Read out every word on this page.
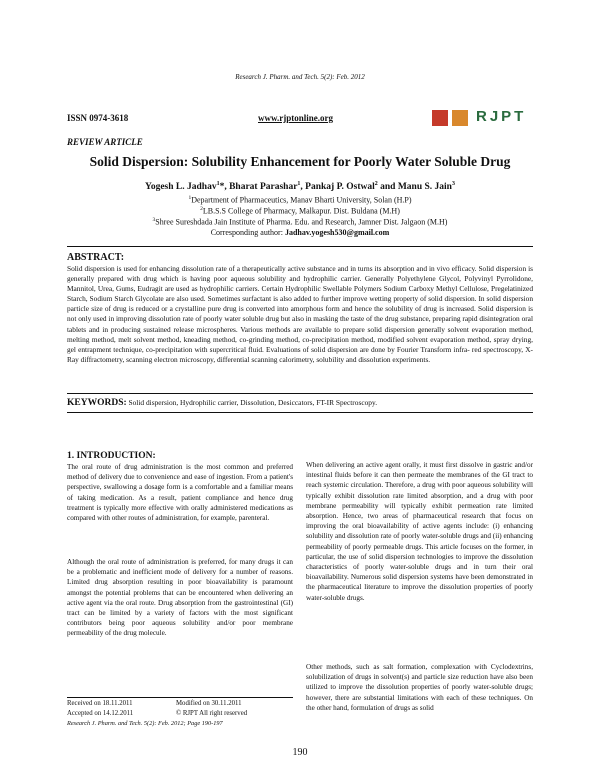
Research J. Pharm. and Tech. 5(2): Feb. 2012
ISSN 0974-3618	www.rjptonline.org	RJPT
REVIEW ARTICLE
Solid Dispersion: Solubility Enhancement for Poorly Water Soluble Drug
Yogesh L. Jadhav$^1$*, Bharat Parashar$^1$, Pankaj P. Ostwal$^2$ and Manu S. Jain$^3$
$^1$Department of Pharmaceutics, Manav Bharti University, Solan (H.P)
$^2$LB.S.S College of Pharmacy, Malkapur. Dist. Buldana (M.H)
$^3$Shree Sureshdada Jain Institute of Pharma. Edu. and Research, Jamner Dist. Jalgaon (M.H)
Corresponding author: Jadhav.yogesh530@gmail.com
ABSTRACT:
Solid dispersion is used for enhancing dissolution rate of a therapeutically active substance and in turns its absorption and in vivo efficacy. Solid dispersion is generally prepared with drug which is having poor aqueous solubility and hydrophilic carrier. Generally Polyethylene Glycol, Polyvinyl Pyrrolidone, Mannitol, Urea, Gums, Eudragit are used as hydrophilic carriers. Certain Hydrophilic Swellable Polymers Sodium Carboxy Methyl Cellulose, Pregelatinized Starch, Sodium Starch Glycolate are also used. Sometimes surfactant is also added to further improve wetting property of solid dispersion. In solid dispersion particle size of drug is reduced or a crystalline pure drug is converted into amorphous form and hence the solubility of drug is increased. Solid dispersion is not only used in improving dissolution rate of poorly water soluble drug but also in masking the taste of the drug substance, preparing rapid disintegration oral tablets and in producing sustained release microspheres. Various methods are available to prepare solid dispersion generally solvent evaporation method, melting method, melt solvent method, kneading method, co-grinding method, co-precipitation method, modified solvent evaporation method, spray drying, gel entrapment technique, co-precipitation with supercritical fluid. Evaluations of solid dispersion are done by Fourier Transform infra- red spectroscopy, X-Ray diffractometry, scanning electron microscopy, differential scanning calorimetry, solubility and dissolution experiments.
KEYWORDS: Solid dispersion, Hydrophilic carrier, Dissolution, Desiccators, FT-IR Spectroscopy.
1. INTRODUCTION:

The oral route of drug administration is the most common and preferred method of delivery due to convenience and ease of ingestion. From a patient's perspective, swallowing a dosage form is a comfortable and a familiar means of taking medication. As a result, patient compliance and hence drug treatment is typically more effective with orally administered medications as compared with other routes of administration, for example, parenteral.

Although the oral route of administration is preferred, for many drugs it can be a problematic and inefficient mode of delivery for a number of reasons. Limited drug absorption resulting in poor bioavailability is paramount amongst the potential problems that can be encountered when delivering an active agent via the oral route. Drug absorption from the gastrointestinal (GI) tract can be limited by a variety of factors with the most significant contributors being poor aqueous solubility and/or poor membrane permeability of the drug molecule.

When delivering an active agent orally, it must first dissolve in gastric and/or intestinal fluids before it can then permeate the membranes of the GI tract to reach systemic circulation. Therefore, a drug with poor aqueous solubility will typically exhibit dissolution rate limited absorption, and a drug with poor membrane permeability will typically exhibit permeation rate limited absorption. Hence, two areas of pharmaceutical research that focus on improving the oral bioavailability of active agents include: (i) enhancing solubility and dissolution rate of poorly water-soluble drugs and (ii) enhancing permeability of poorly permeable drugs. This article focuses on the former, in particular, the use of solid dispersion technologies to improve the dissolution characteristics of poorly water-soluble drugs and in turn their oral bioavailability. Numerous solid dispersion systems have been demonstrated in the pharmaceutical literature to improve the dissolution properties of poorly water-soluble drugs.

Other methods, such as salt formation, complexation with Cyclodextrins, solubilization of drugs in solvent(s) and particle size reduction have also been utilized to improve the dissolution properties of poorly water-soluble drugs; however, there are substantial limitations with each of these techniques. On the other hand, formulation of drugs as solid

Received on 18.11.2011	Modified on 30.11.2011
Accepted on 14.12.2011	© RJPT All right reserved
Research J. Pharm. and Tech. 5(2): Feb. 2012; Page 190-197
190
